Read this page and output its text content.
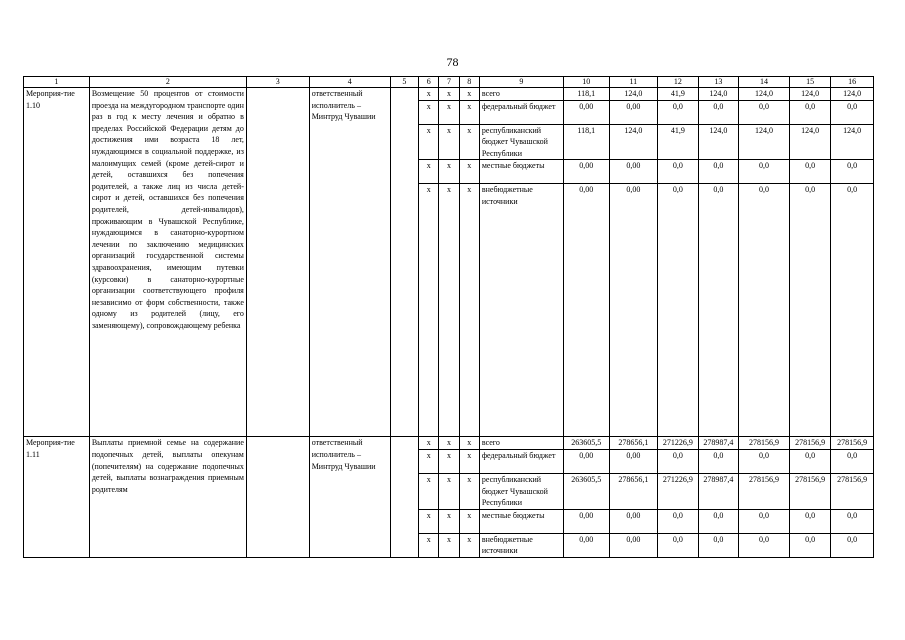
78
1	2	3	4	5	6	7	8	9	10	11	12	13	14	15	16
Мероприя-тие 1.10	Возмещение 50 процентов от стоимости проезда на междугородном транспорте один раз в год к месту лечения и обратно в пределах Российской Федерации детям до достижения ими возраста 18 лет, нуждающимся в социальной поддержке, из малоимущих семей (кроме детей-сирот и детей, оставшихся без попечения родителей, а также лиц из числа детей-сирот и детей, оставшихся без попечения родителей, детей-инвалидов), проживающим в Чувашской Республике, нуждающимся в санаторно-курортном лечении по заключению медицинских организаций государственной системы здравоохранения, имеющим путевки (курсовки) в санаторно-курортные организации соответствующего профиля независимо от форм собственности, также одному из родителей (лицу, его заменяющему), сопровождающему ребенка		ответственный исполнитель – Минтруд Чувашии		x	x	x	всего	118,1	124,0	41,9	124,0	124,0	124,0	124,0
					x	x	x	федеральный бюджет	0,00	0,00	0,0	0,0	0,0	0,0	0,0
					x	x	x	республиканский бюджет Чувашской Республики	118,1	124,0	41,9	124,0	124,0	124,0	124,0
					x	x	x	местные бюджеты	0,00	0,00	0,0	0,0	0,0	0,0	0,0
					x	x	x	внебюджетные источники	0,00	0,00	0,0	0,0	0,0	0,0	0,0
Мероприя-тие 1.11	Выплаты приемной семье на содержание подопечных детей, выплаты опекунам (попечителям) на содержание подопечных детей, выплаты вознаграждения приемным родителям		ответственный исполнитель – Минтруд Чувашии		x	x	x	всего	263605,5	278656,1	271226,9	278987,4	278156,9	278156,9	278156,9
					x	x	x	федеральный бюджет	0,00	0,00	0,0	0,0	0,0	0,0	0,0
					x	x	x	республиканский бюджет Чувашской Республики	263605,5	278656,1	271226,9	278987,4	278156,9	278156,9	278156,9
					x	x	x	местные бюджеты	0,00	0,00	0,0	0,0	0,0	0,0	0,0
					x	x	x	внебюджетные источники	0,00	0,00	0,0	0,0	0,0	0,0	0,0
